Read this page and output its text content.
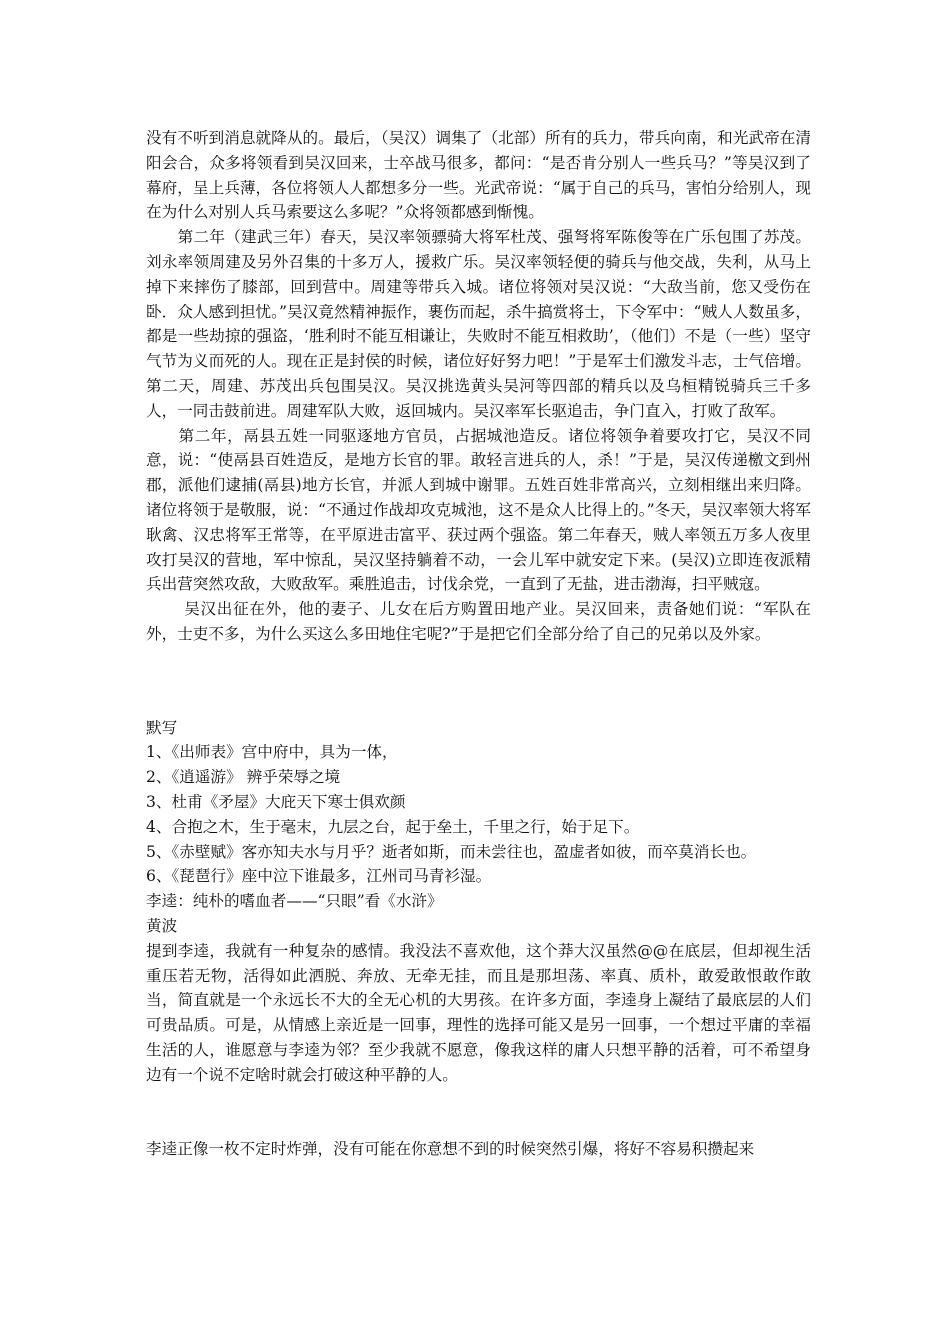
没有不听到消息就降从的。最后，（吴汉）调集了（北部）所有的兵力，带兵向南，和光武帝在清阳会合，众多将领看到吴汉回来，士卒战马很多，都问：“是否肯分别人一些兵马？”等吴汉到了幕府，呈上兵薄，各位将领人人都想多分一些。光武帝说：“属于自己的兵马，害怕分给别人，现在为什么对别人兵马索要这么多呢？”众将领都感到惭愧。

　　第二年（建武三年）春天，吴汉率领骠骑大将军杜茂、强弩将军陈俊等在广乐包围了苏茂。刘永率领周建及另外召集的十多万人，援救广乐。吴汉率领轻便的骑兵与他交战，失利，从马上掉下来摔伤了膝部，回到营中。周建等带兵入城。诸位将领对吴汉说：“大敌当前，您又受伤在卧．众人感到担忧。”吴汉竟然精神振作，裹伤而起，杀牛搞赏将士，下令军中：“贼人人数虽多，都是一些劫掠的强盗，‘胜利时不能互相谦让，失败时不能互相救助’，（他们）不是（一些）坚守气节为义而死的人。现在正是封侯的时候，诸位好好努力吧！”于是军士们激发斗志，士气倍增。第二天，周建、苏茂出兵包围吴汉。吴汉挑选黄头吴河等四部的精兵以及乌桓精锐骑兵三千多人，一同击鼓前进。周建军队大败，返回城内。吴汉率军长驱追击，争门直入，打败了敌军。

　　第二年，鬲县五姓一同驱逐地方官员，占据城池造反。诸位将领争着要攻打它，吴汉不同意，说：“使鬲县百姓造反，是地方长官的罪。敢轻言进兵的人，杀！”于是，吴汉传递檄文到州郡，派他们逮捕(鬲县)地方长官，并派人到城中谢罪。五姓百姓非常高兴，立刻相继出来归降。诸位将领于是敬服，说：“不通过作战却攻克城池，这不是众人比得上的。”冬天，吴汉率领大将军耿禽、汉忠将军王常等，在平原进击富平、获过两个强盗。第二年春天，贼人率领五万多人夜里攻打吴汉的营地，军中惊乱，吴汉坚持躺着不动，一会儿军中就安定下来。(吴汉)立即连夜派精兵出营突然攻敌，大败敌军。乘胜追击，讨伐余党，一直到了无盐，进击渤海，扫平贼寇。

　　 吴汉出征在外，他的妻子、儿女在后方购置田地产业。吴汉回来，责备她们说：“军队在外，士吏不多，为什么买这么多田地住宅呢?”于是把它们全部分给了自己的兄弟以及外家。

默写

1、《出师表》宫中府中，具为一体，

2、《逍遥游》 辨乎荣辱之境

3、杜甫《矛屋》大庇天下寒士俱欢颜

4、合抱之木，生于毫末，九层之台，起于垒土，千里之行，始于足下。

5、《赤壁赋》客亦知夫水与月乎？逝者如斯，而未尝往也，盈虚者如彼，而卒莫消长也。

6、《琵琶行》座中泣下谁最多，江州司马青衫湿。

李逵：纯朴的嗜血者——“只眼”看《水浒》

黄波

提到李逵，我就有一种复杂的感情。我没法不喜欢他，这个莽大汉虽然@@在底层，但却视生活重压若无物，活得如此洒脱、奔放、无牵无挂，而且是那坦荡、率真、质朴，敢爱敢恨敢作敢当，简直就是一个永远长不大的全无心机的大男孩。在许多方面，李逵身上凝结了最底层的人们可贵品质。可是，从情感上亲近是一回事，理性的选择可能又是另一回事，一个想过平庸的幸福生活的人，谁愿意与李逵为邻？至少我就不愿意，像我这样的庸人只想平静的活着，可不希望身边有一个说不定啥时就会打破这种平静的人。

李逵正像一枚不定时炸弹，没有可能在你意想不到的时候突然引爆，将好不容易积攒起来
